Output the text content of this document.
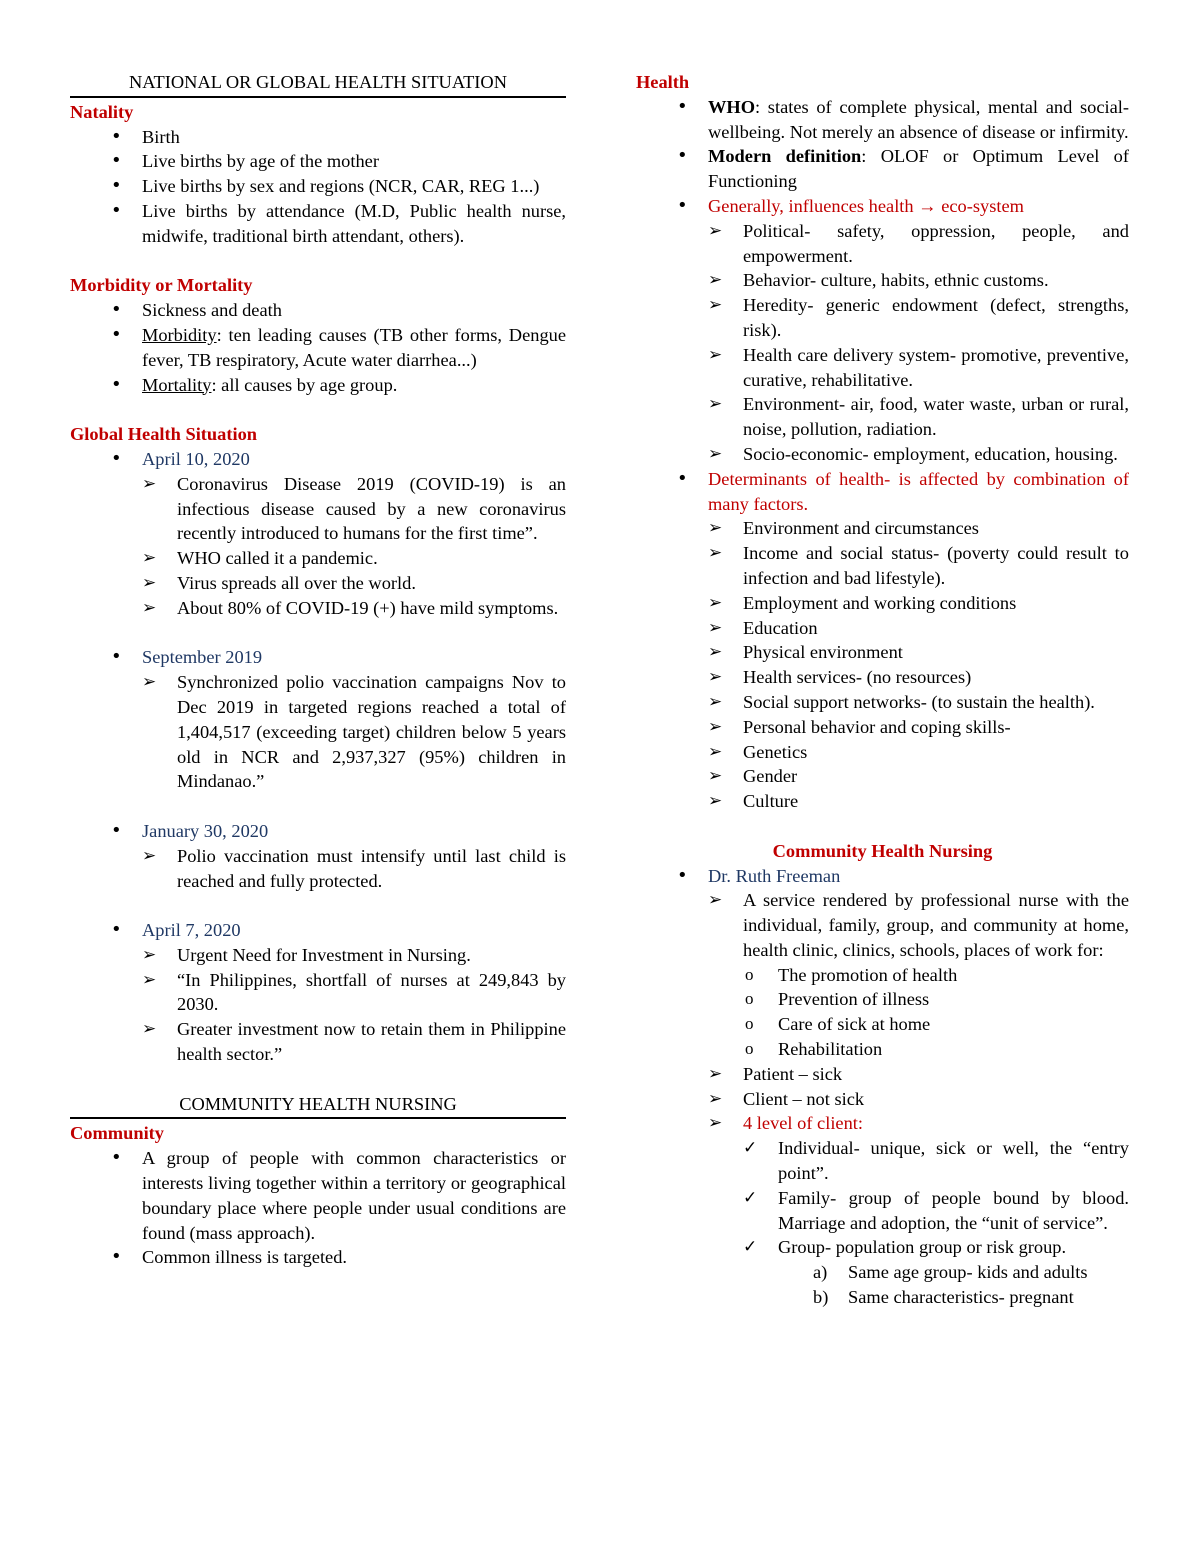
NATIONAL OR GLOBAL HEALTH SITUATION
Natality
• Birth
• Live births by age of the mother
• Live births by sex and regions (NCR, CAR, REG 1...)
• Live births by attendance (M.D, Public health nurse, midwife, traditional birth attendant, others).
Morbidity or Mortality
• Sickness and death
• Morbidity: ten leading causes (TB other forms, Dengue fever, TB respiratory, Acute water diarrhea...)
• Mortality: all causes by age group.
Global Health Situation
• April 10, 2020
➢ Coronavirus Disease 2019 (COVID-19) is an infectious disease caused by a new coronavirus recently introduced to humans for the first time”.
➢ WHO called it a pandemic.
➢ Virus spreads all over the world.
➢ About 80% of COVID-19 (+) have mild symptoms.
• September 2019
➢ Synchronized polio vaccination campaigns Nov to Dec 2019 in targeted regions reached a total of 1,404,517 (exceeding target) children below 5 years old in NCR and 2,937,327 (95%) children in Mindanao.”
• January 30, 2020
➢ Polio vaccination must intensify until last child is reached and fully protected.
• April 7, 2020
➢ Urgent Need for Investment in Nursing.
➢ “In Philippines, shortfall of nurses at 249,843 by 2030.
➢ Greater investment now to retain them in Philippine health sector.”
COMMUNITY HEALTH NURSING
Community
• A group of people with common characteristics or interests living together within a territory or geographical boundary place where people under usual conditions are found (mass approach).
• Common illness is targeted.
Health
• WHO: states of complete physical, mental and social- wellbeing. Not merely an absence of disease or infirmity.
• Modern definition: OLOF or Optimum Level of Functioning
• Generally, influences health → eco-system
➢ Political- safety, oppression, people, and empowerment.
➢ Behavior- culture, habits, ethnic customs.
➢ Heredity- generic endowment (defect, strengths, risk).
➢ Health care delivery system- promotive, preventive, curative, rehabilitative.
➢ Environment- air, food, water waste, urban or rural, noise, pollution, radiation.
➢ Socio-economic- employment, education, housing.
• Determinants of health- is affected by combination of many factors.
➢ Environment and circumstances
➢ Income and social status- (poverty could result to infection and bad lifestyle).
➢ Employment and working conditions
➢ Education
➢ Physical environment
➢ Health services- (no resources)
➢ Social support networks- (to sustain the health).
➢ Personal behavior and coping skills-
➢ Genetics
➢ Gender
➢ Culture
Community Health Nursing
• Dr. Ruth Freeman
➢ A service rendered by professional nurse with the individual, family, group, and community at home, health clinic, clinics, schools, places of work for:
o The promotion of health
o Prevention of illness
o Care of sick at home
o Rehabilitation
➢ Patient – sick
➢ Client – not sick
➢ 4 level of client:
✓ Individual- unique, sick or well, the “entry point”.
✓ Family- group of people bound by blood. Marriage and adoption, the “unit of service”.
✓ Group- population group or risk group.
a) Same age group- kids and adults
b) Same characteristics- pregnant
